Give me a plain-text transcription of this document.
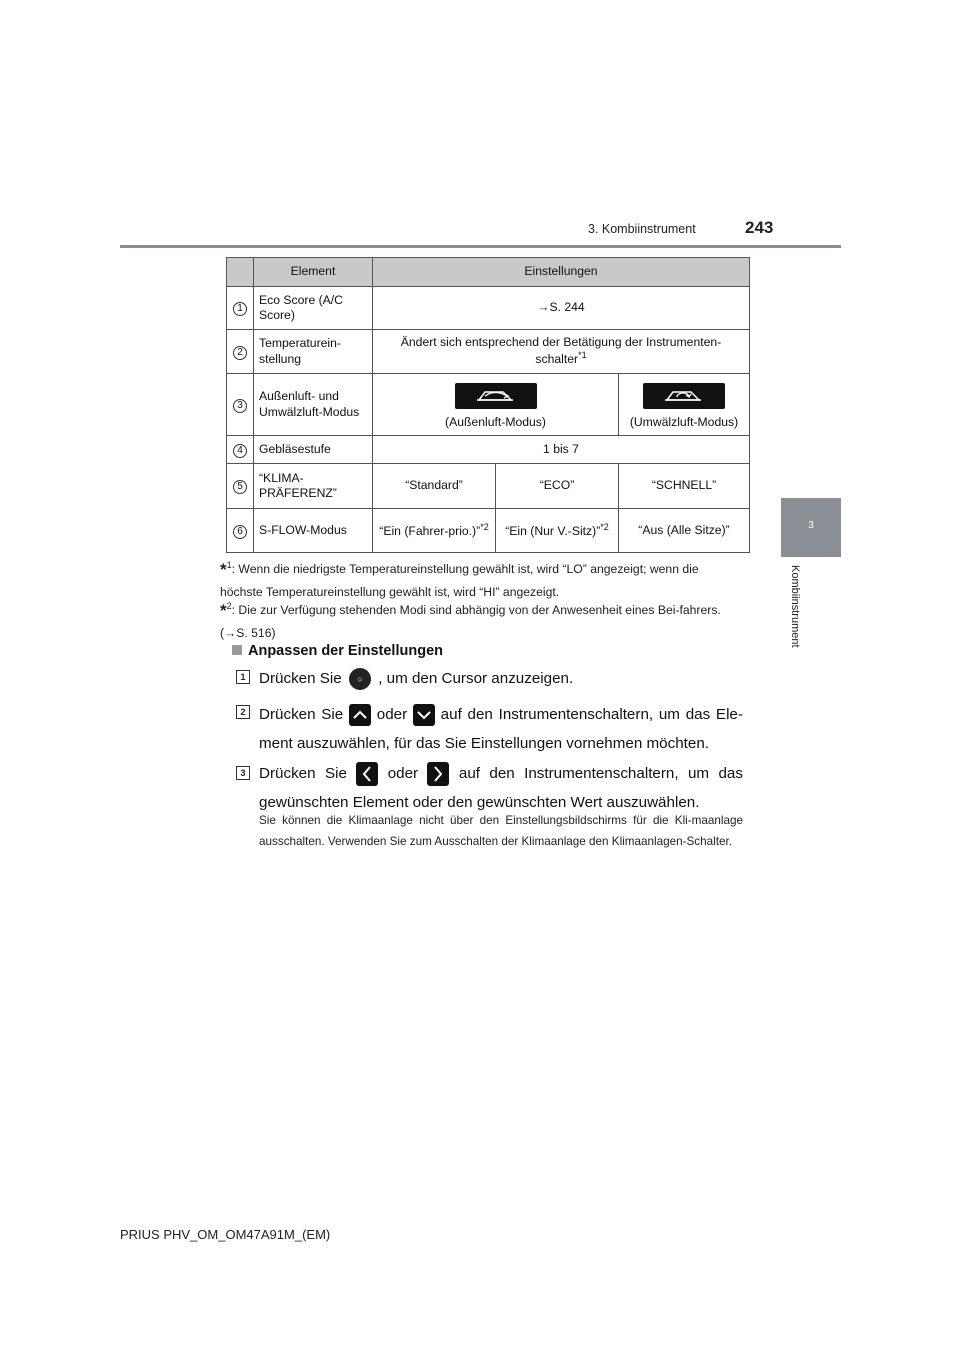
3. Kombiinstrument	243
3
Kombiinstrument
	Element	Einstellungen		
1	Eco Score (A/C Score)	→S. 244		
2	Temperaturein-stellung	Ändert sich entsprechend der Betätigung der Instrumenten-schalter$^{*1}$
3	Außenluft- und Umwälzluft-Modus	(Außenluft-Modus)		(Umwälzluft-Modus)
4	Gebläsestufe	1 bis 7		
5	“KLIMA-PRÄFERENZ”	“Standard”	“ECO”	“SCHNELL”
6	S-FLOW-Modus	“Ein (Fahrer-prio.)”$^{*2}$	“Ein (Nur V.-Sitz)”$^{*2}$	“Aus (Alle Sitze)”
*$^1$: Wenn die niedrigste Temperatureinstellung gewählt ist, wird “LO” angezeigt; wenn die höchste Temperatureinstellung gewählt ist, wird “HI” angezeigt.
*$^2$: Die zur Verfügung stehenden Modi sind abhängig von der Anwesenheit eines Bei-fahrers. (→S. 516)
Anpassen der Einstellungen
1 Drücken Sie ○ , um den Cursor anzuzeigen.
2 Drücken Sie oder auf den Instrumentenschaltern, um das Ele-ment auszuwählen, für das Sie Einstellungen vornehmen möchten.
3 Drücken Sie	oder	auf den Instrumentenschaltern, um das gewünschten Element oder den gewünschten Wert auszuwählen.
Sie können die Klimaanlage nicht über den Einstellungsbildschirms für die Kli-maanlage ausschalten. Verwenden Sie zum Ausschalten der Klimaanlage den Klimaanlagen-Schalter.
PRIUS PHV_OM_OM47A91M_(EM)
